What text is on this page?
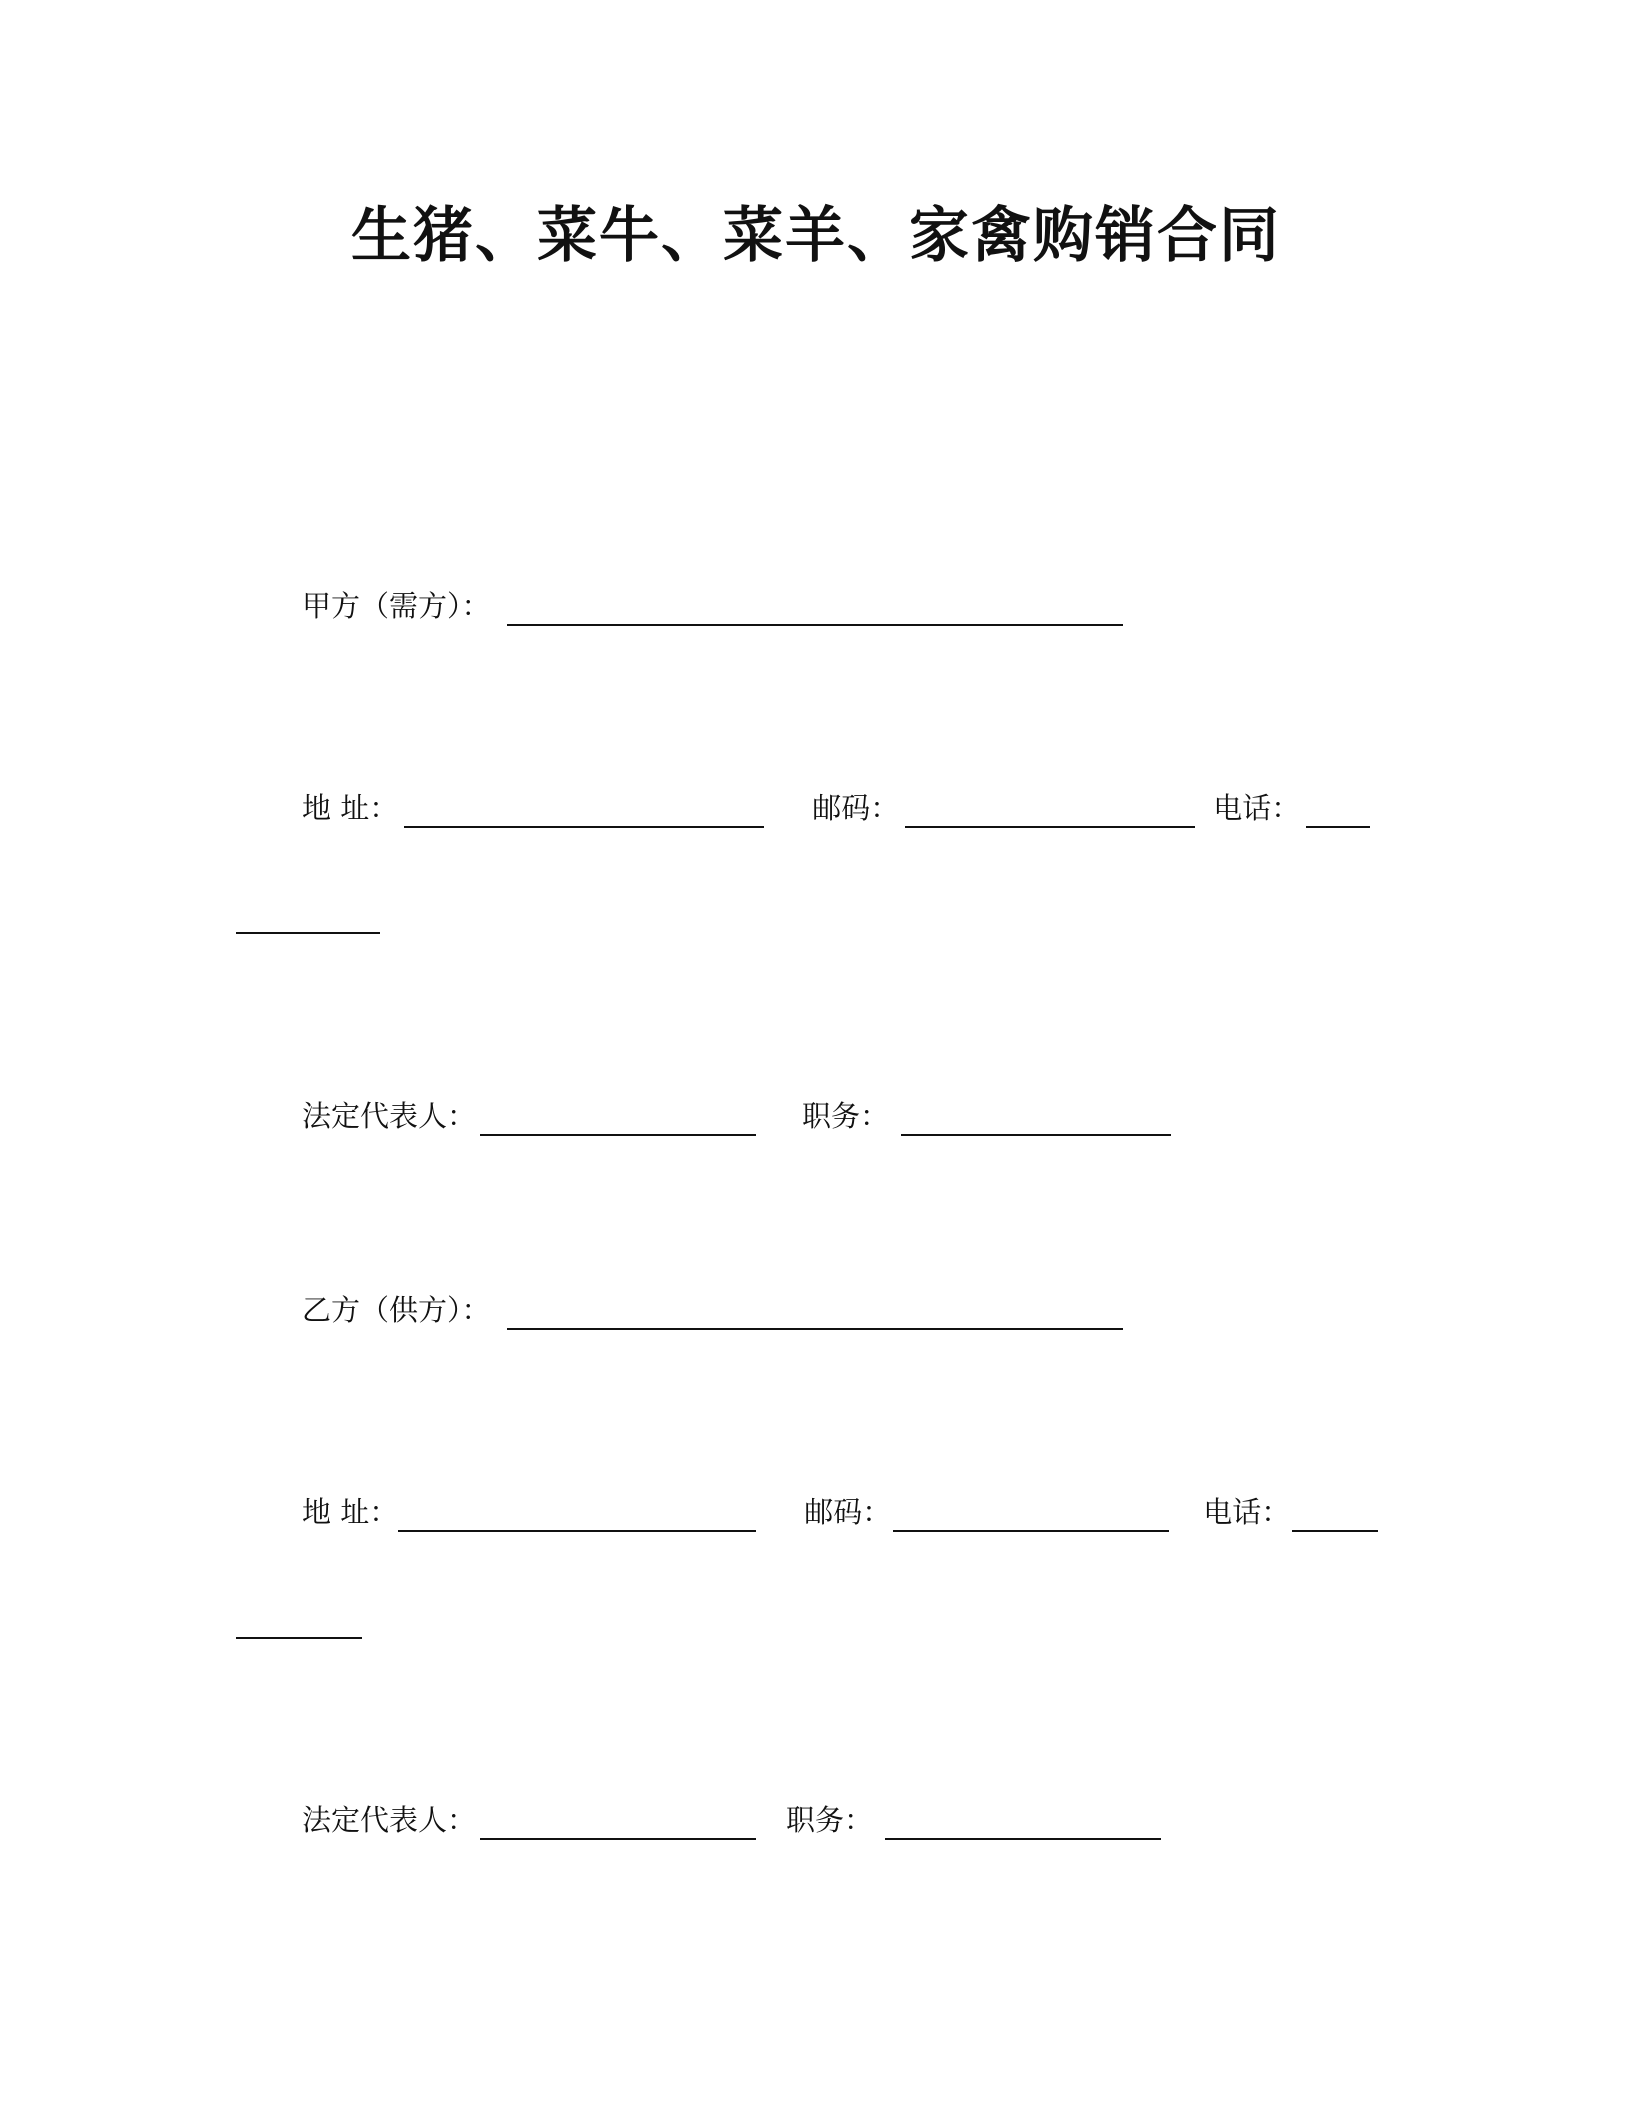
生猪、菜牛、菜羊、家禽购销合同
甲方（需方）：
地 址：	邮码：	电话：
法定代表人：	职务：
乙方（供方）：
地 址：	邮码：	电话：
法定代表人：	职务：
